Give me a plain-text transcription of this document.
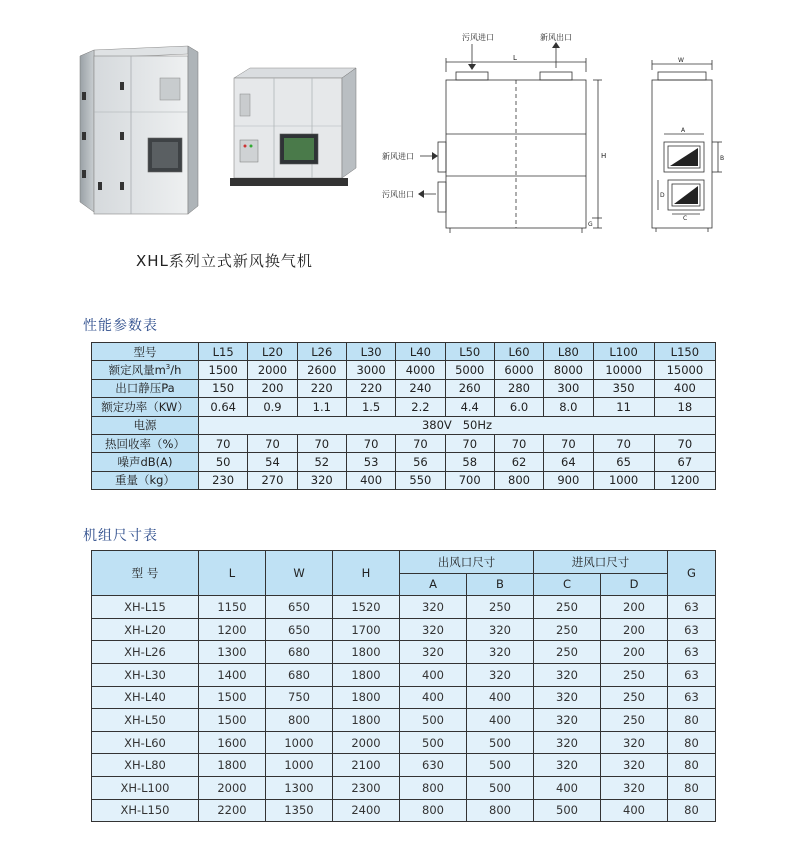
污风进口	新风出口
新风进口
污风出口
L
H
G
W
A
B
D
C
XHL系列立式新风换气机
性能参数表
型号	L15	L20	L26	L30	L40	L50	L60	L80	L100	L150
额定风量$m^3/h$	1500	2000	2600	3000	4000	5000	6000	8000	10000	15000
出口静压Pa	150	200	220	220	240	260	280	300	350	400
额定功率（KW）	0.64	0.9	1.1	1.5	2.2	4.4	6.0	8.0	11	18
电源	380V   50Hz									
热回收率（%）	70	70	70	70	70	70	70	70	70	70
噪声dB(A)	50	54	52	53	56	58	62	64	65	67
重量（kg）	230	270	320	400	550	700	800	900	1000	1200
机组尺寸表
型 号	L	W	H	出风口尺寸		进风口尺寸		G
				A	B	C	D	
XH-L15	1150	650	1520	320	250	250	200	63
XH-L20	1200	650	1700	320	320	250	200	63
XH-L26	1300	680	1800	320	320	250	200	63
XH-L30	1400	680	1800	400	320	320	250	63
XH-L40	1500	750	1800	400	400	320	250	63
XH-L50	1500	800	1800	500	400	320	250	80
XH-L60	1600	1000	2000	500	500	320	320	80
XH-L80	1800	1000	2100	630	500	320	320	80
XH-L100	2000	1300	2300	800	500	400	320	80
XH-L150	2200	1350	2400	800	800	500	400	80
